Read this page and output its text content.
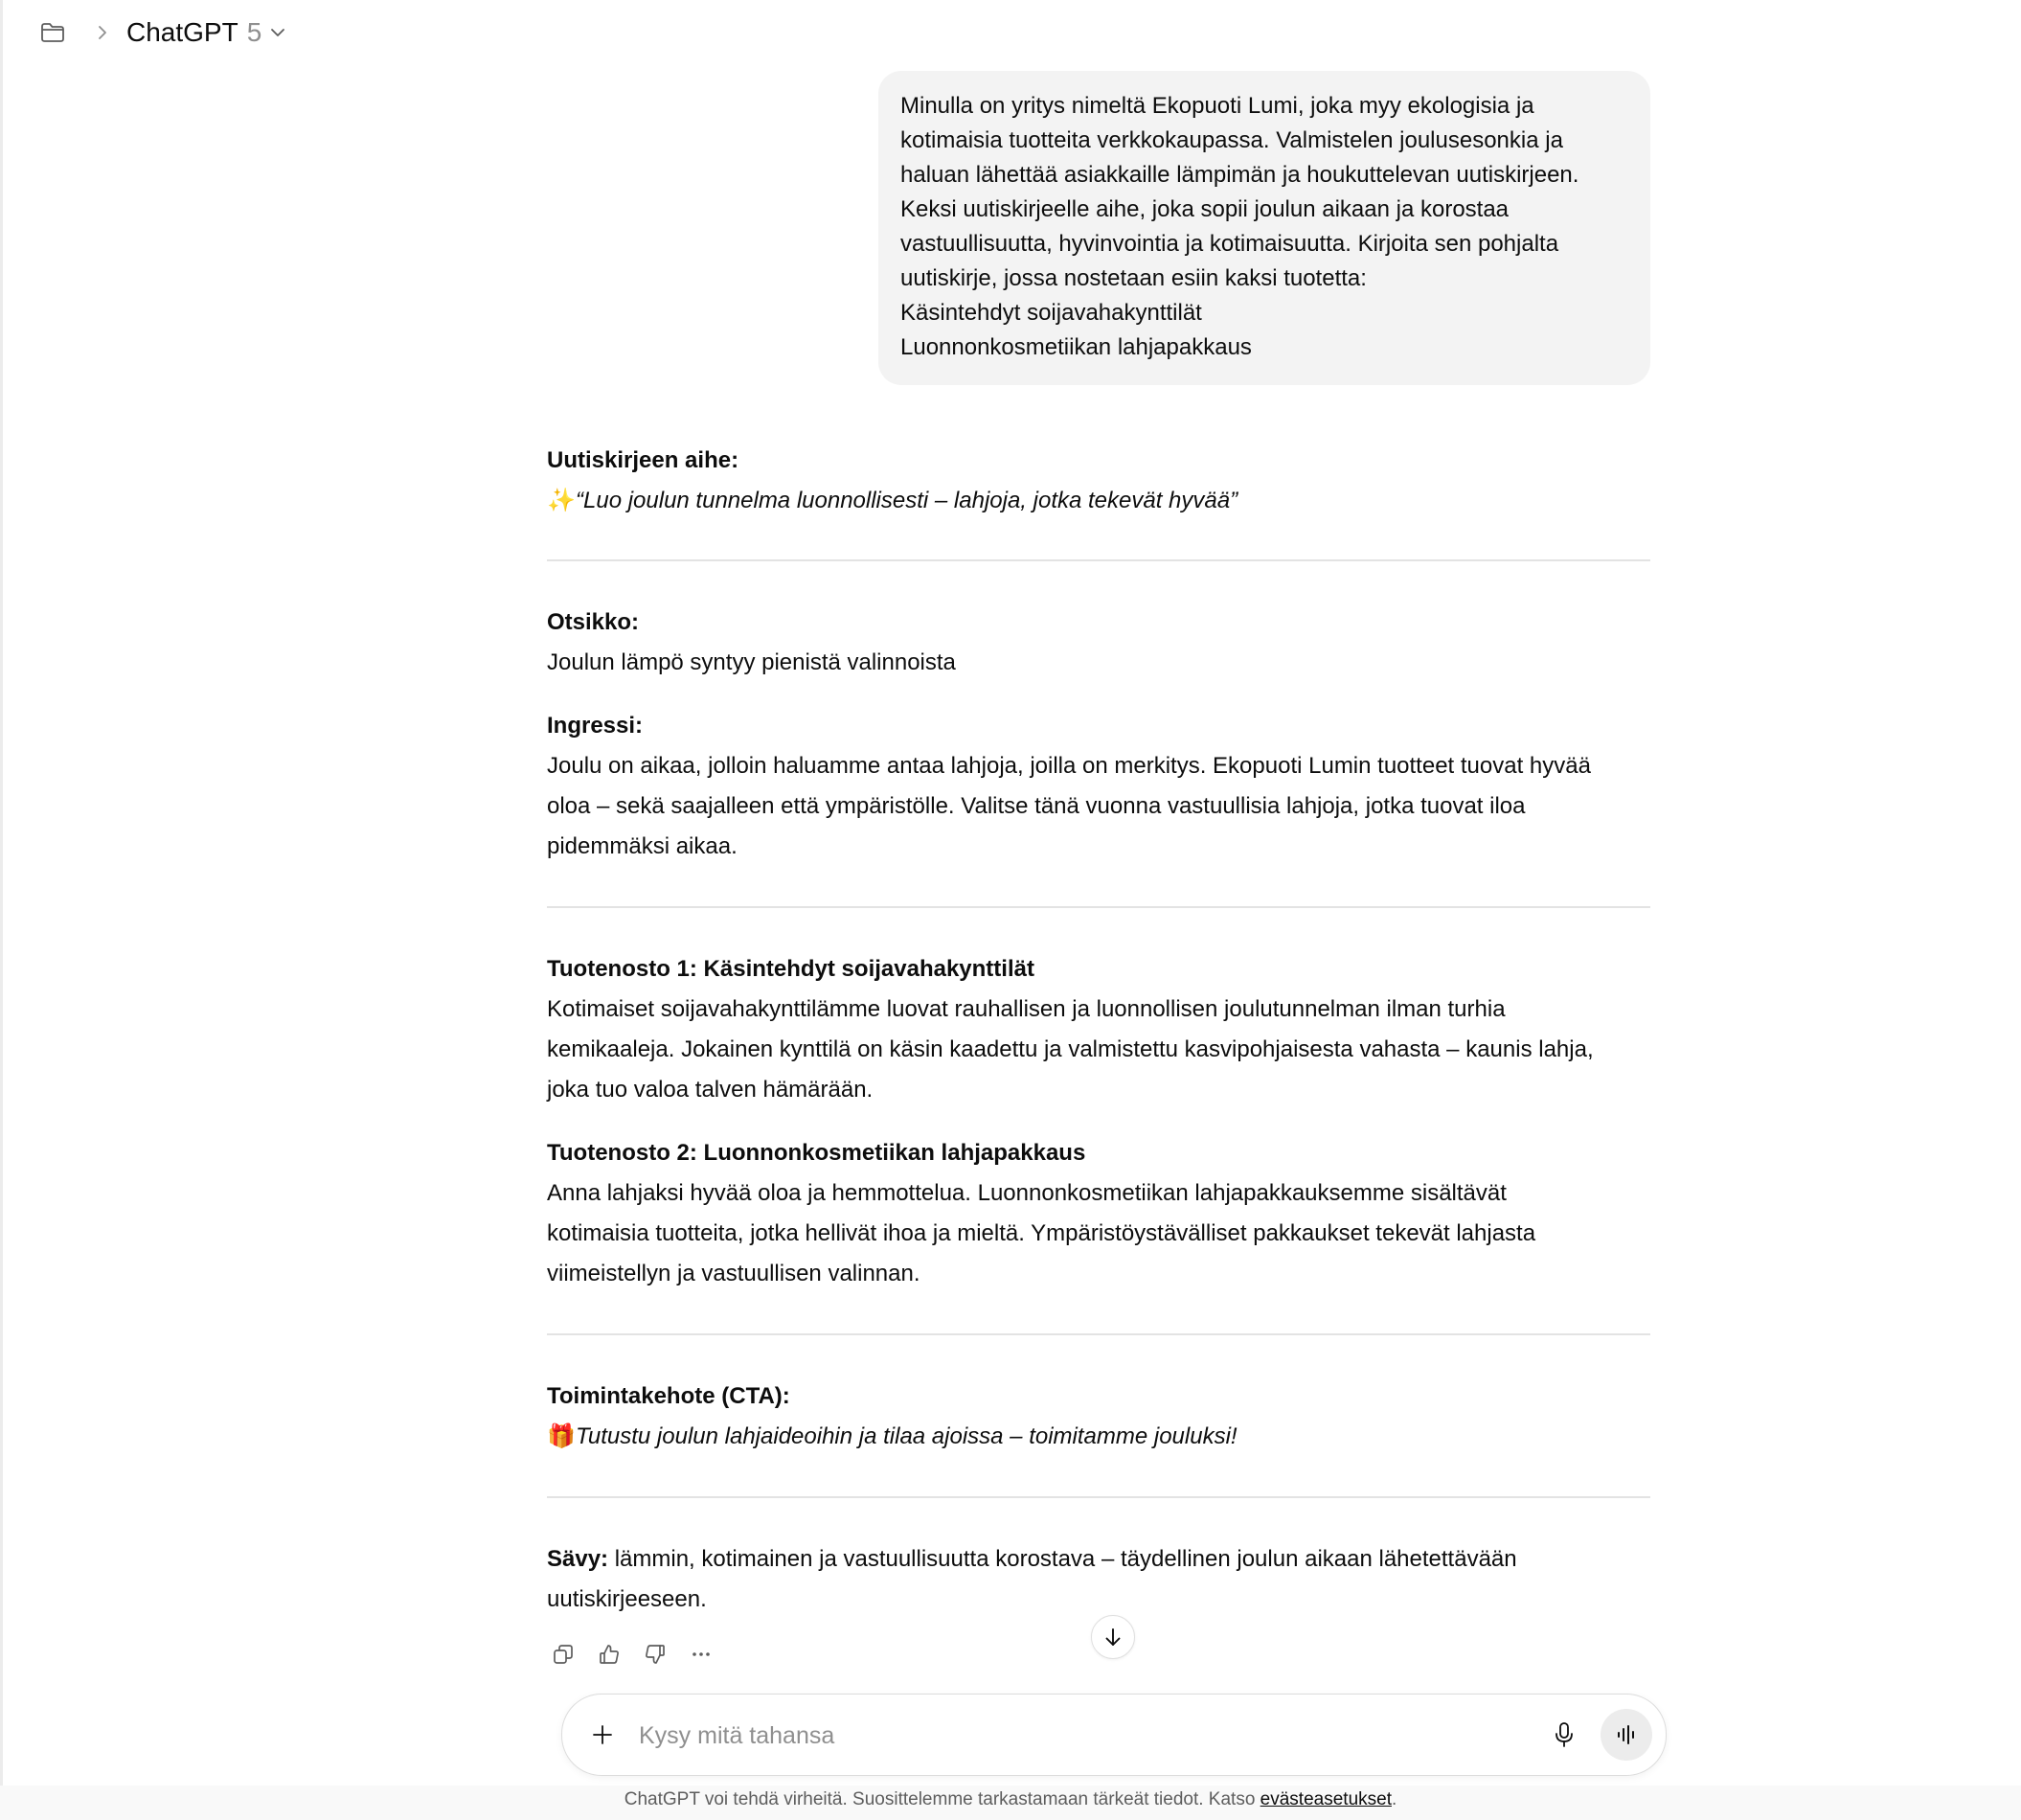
ChatGPT 5
Minulla on yritys nimeltä Ekopuoti Lumi, joka myy ekologisia ja
kotimaisia tuotteita verkkokaupassa. Valmistelen joulusesonkia ja
haluan lähettää asiakkaille lämpimän ja houkuttelevan uutiskirjeen.
Keksi uutiskirjeelle aihe, joka sopii joulun aikaan ja korostaa
vastuullisuutta, hyvinvointia ja kotimaisuutta. Kirjoita sen pohjalta
uutiskirje, jossa nostetaan esiin kaksi tuotetta:
Käsintehdyt soijavahakynttilät
Luonnonkosmetiikan lahjapakkaus
Uutiskirjeen aihe:
✨“Luo joulun tunnelma luonnollisesti – lahjoja, jotka tekevät hyvää”
Otsikko:
Joulun lämpö syntyy pienistä valinnoista
Ingressi:
Joulu on aikaa, jolloin haluamme antaa lahjoja, joilla on merkitys. Ekopuoti Lumin tuotteet tuovat hyvää
oloa – sekä saajalleen että ympäristölle. Valitse tänä vuonna vastuullisia lahjoja, jotka tuovat iloa
pidemmäksi aikaa.
Tuotenosto 1: Käsintehdyt soijavahakynttilät
Kotimaiset soijavahakynttilämme luovat rauhallisen ja luonnollisen joulutunnelman ilman turhia
kemikaaleja. Jokainen kynttilä on käsin kaadettu ja valmistettu kasvipohjaisesta vahasta – kaunis lahja,
joka tuo valoa talven hämärään.
Tuotenosto 2: Luonnonkosmetiikan lahjapakkaus
Anna lahjaksi hyvää oloa ja hemmottelua. Luonnonkosmetiikan lahjapakkauksemme sisältävät
kotimaisia tuotteita, jotka hellivät ihoa ja mieltä. Ympäristöystävälliset pakkaukset tekevät lahjasta
viimeistellyn ja vastuullisen valinnan.
Toimintakehote (CTA):
🎁Tutustu joulun lahjaideoihin ja tilaa ajoissa – toimitamme jouluksi!
Sävy: lämmin, kotimainen ja vastuullisuutta korostava – täydellinen joulun aikaan lähetettävään
uutiskirjeeseen.
Kysy mitä tahansa
ChatGPT voi tehdä virheitä. Suosittelemme tarkastamaan tärkeät tiedot. Katso evästeasetukset.
